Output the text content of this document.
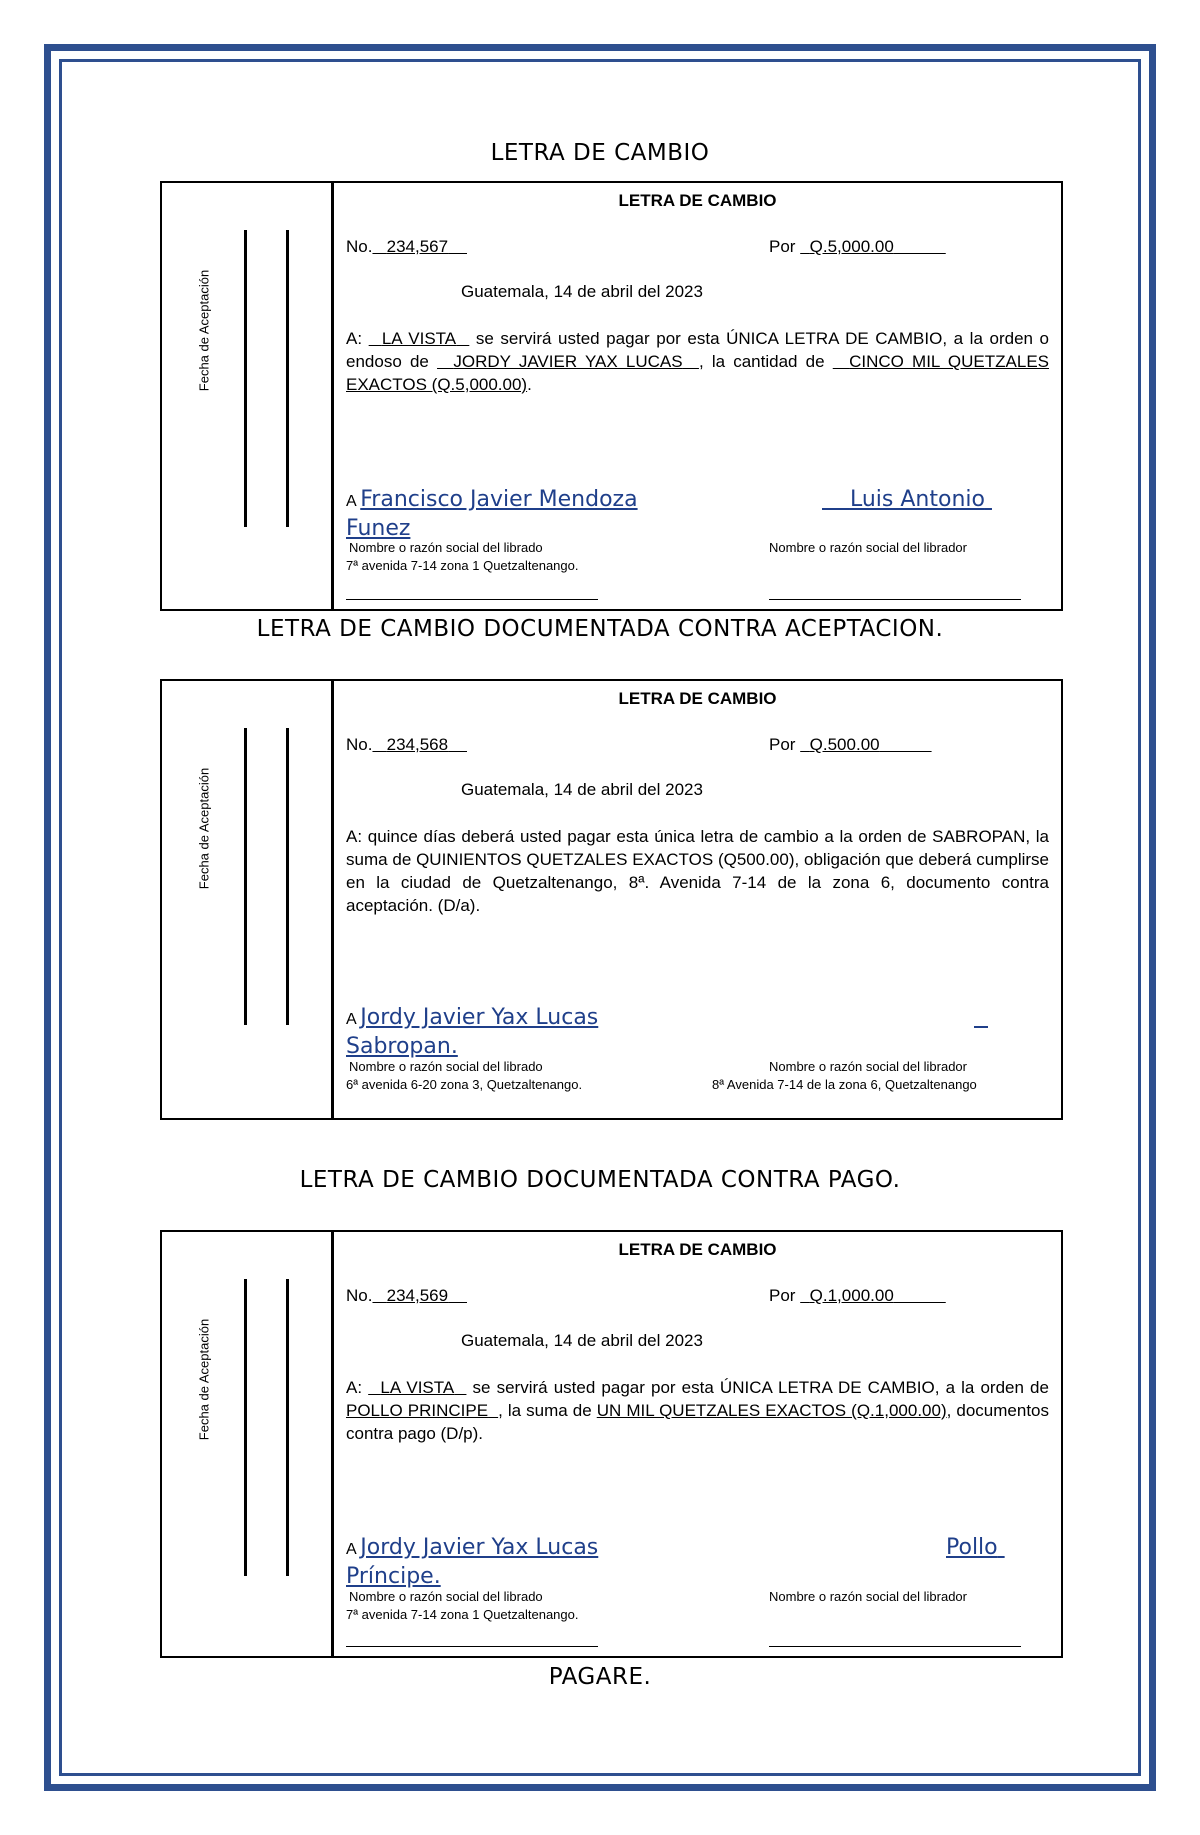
LETRA DE CAMBIO
Fecha de Aceptación
LETRA DE CAMBIO
No. 234,567	Por Q.5,000.00
Guatemala, 14 de abril del 2023
A:   LA VISTA   se servirá usted pagar por esta ÚNICA LETRA DE CAMBIO, a la orden o endoso de   JORDY JAVIER YAX LUCAS , la cantidad de   CINCO MIL QUETZALES EXACTOS (Q.5,000.00).
A Francisco Javier Mendoza Funez
Luis Antonio
Nombre o razón social del librado	Nombre o razón social del librador
7ª avenida 7-14 zona 1 Quetzaltenango.
LETRA DE CAMBIO DOCUMENTADA CONTRA ACEPTACION.
Fecha de Aceptación
LETRA DE CAMBIO
No. 234,568	Por Q.500.00
Guatemala, 14 de abril del 2023
A: quince días deberá usted pagar esta única letra de cambio a la orden de SABROPAN, la suma de QUINIENTOS QUETZALES EXACTOS (Q500.00), obligación que deberá cumplirse en la ciudad de Quetzaltenango, 8ª. Avenida 7-14 de la zona 6, documento contra aceptación. (D/a).
A Jordy Javier Yax Lucas Sabropan.

Nombre o razón social del librado	Nombre o razón social del librador
6ª avenida 6-20 zona 3, Quetzaltenango.	8ª Avenida 7-14 de la zona 6, Quetzaltenango
LETRA DE CAMBIO DOCUMENTADA CONTRA PAGO.
Fecha de Aceptación
LETRA DE CAMBIO
No. 234,569	Por Q.1,000.00
Guatemala, 14 de abril del 2023
A:   LA VISTA   se servirá usted pagar por esta ÚNICA LETRA DE CAMBIO, a la orden de POLLO PRINCIPE , la suma de UN MIL QUETZALES EXACTOS (Q.1,000.00), documentos contra pago (D/p).
A Jordy Javier Yax Lucas Príncipe.
Pollo
Nombre o razón social del librado	Nombre o razón social del librador
7ª avenida 7-14 zona 1 Quetzaltenango.
PAGARE.
